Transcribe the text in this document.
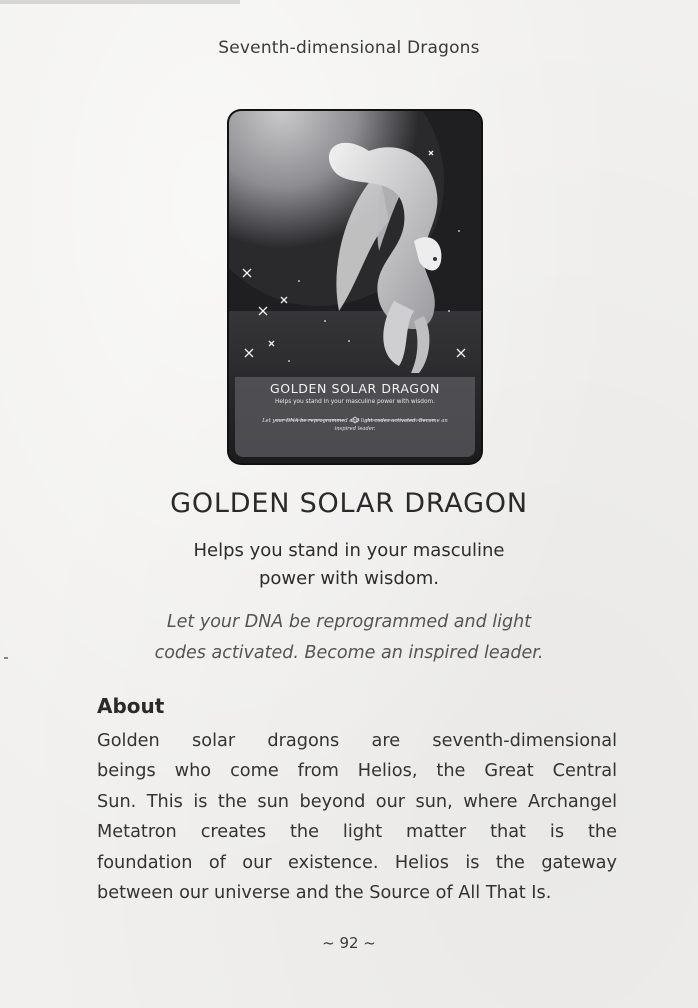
Seventh-dimensional Dragons
GOLDEN SOLAR DRAGON
Helps you stand in your masculine power with wisdom.
Let your DNA be reprogrammed and light codes activated. Become an inspired leader.
GOLDEN SOLAR DRAGON
Helps you stand in your masculine
power with wisdom.
Let your DNA be reprogrammed and light
codes activated. Become an inspired leader.
About
Golden solar dragons are seventh-dimensional
beings who come from Helios, the Great Central
Sun. This is the sun beyond our sun, where Archangel
Metatron creates the light matter that is the
foundation of our existence. Helios is the gateway
between our universe and the Source of All That Is.
~ 92 ~
